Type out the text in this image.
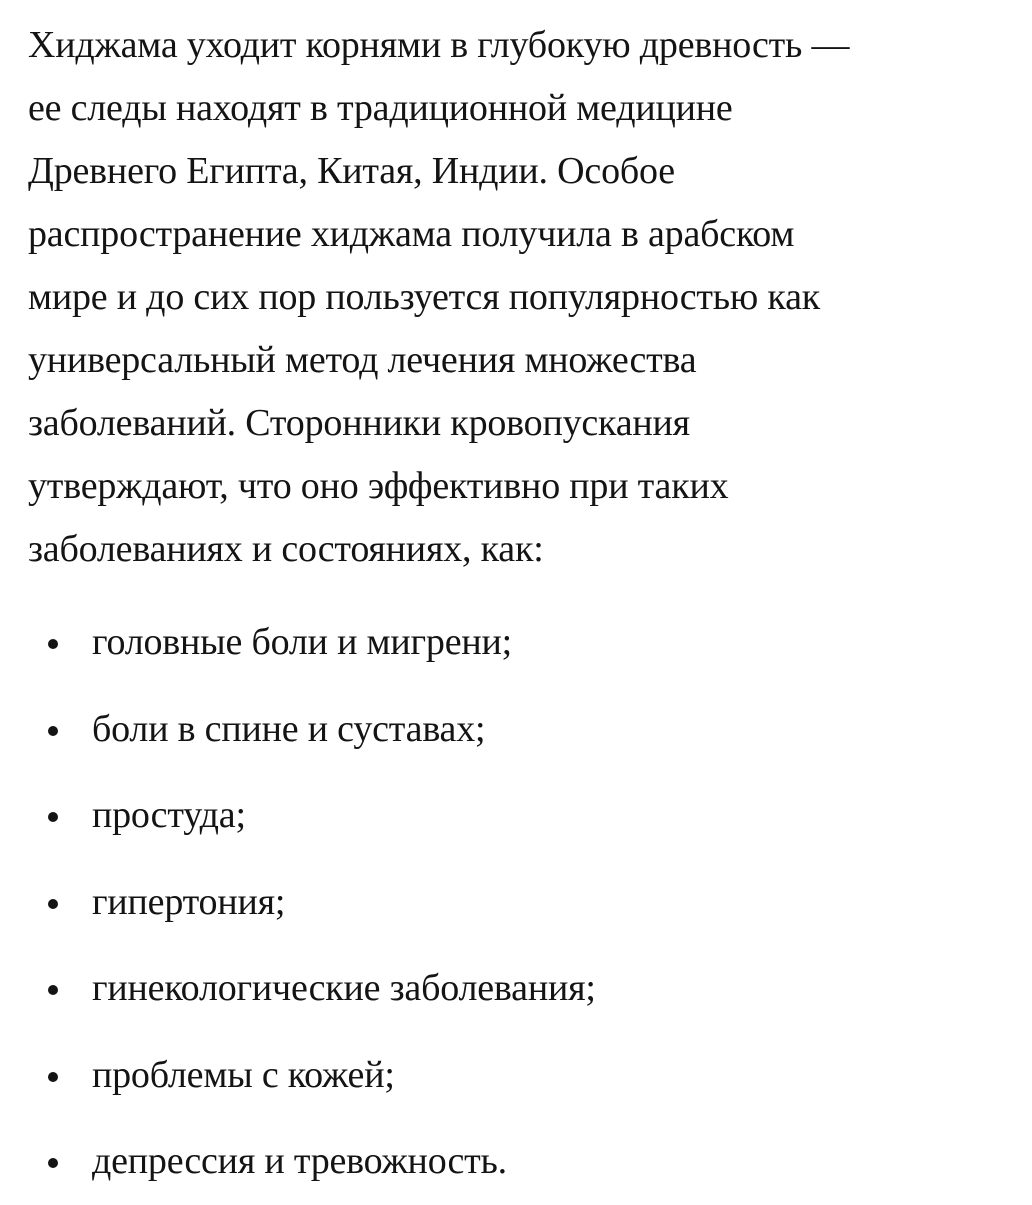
Хиджама уходит корнями в глубокую древность —
ее следы находят в традиционной медицине
Древнего Египта, Китая, Индии. Особое
распространение хиджама получила в арабском
мире и до сих пор пользуется популярностью как
универсальный метод лечения множества
заболеваний. Сторонники кровопускания
утверждают, что оно эффективно при таких
заболеваниях и состояниях, как:

головные боли и мигрени;
боли в спине и суставах;
простуда;
гипертония;
гинекологические заболевания;
проблемы с кожей;
депрессия и тревожность.
